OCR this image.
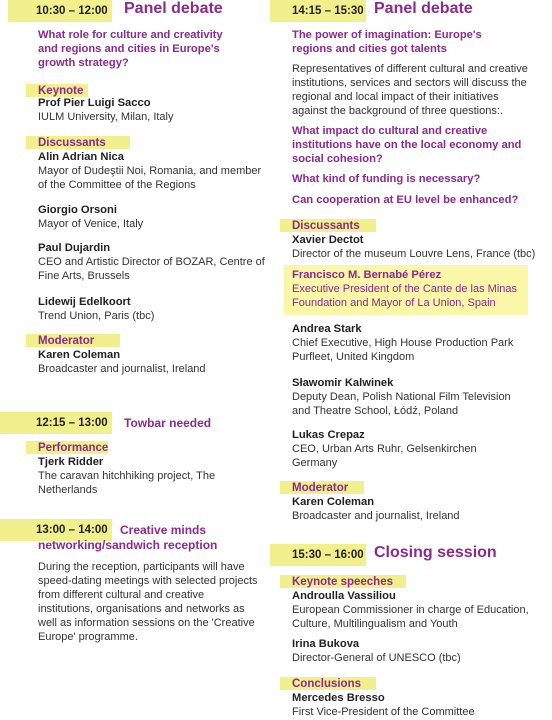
10:30 – 12:00 Panel debate
What role for culture and creativity and regions and cities in Europe's growth strategy?
Keynote
Prof Pier Luigi Sacco
IULM University, Milan, Italy
Discussants
Alin Adrian Nica
Mayor of Dudeştii Noi, Romania, and member of the Committee of the Regions
Giorgio Orsoni
Mayor of Venice, Italy
Paul Dujardin
CEO and Artistic Director of BOZAR, Centre of Fine Arts, Brussels
Lidewij Edelkoort
Trend Union, Paris (tbc)
Moderator
Karen Coleman
Broadcaster and journalist, Ireland
12:15 – 13:00 Towbar needed
Performance
Tjerk Ridder
The caravan hitchhiking project, The Netherlands
13:00 – 14:00 Creative minds
networking/sandwich reception
During the reception, participants will have speed-dating meetings with selected projects from different cultural and creative institutions, organisations and networks as well as information sessions on the 'Creative Europe' programme.
14:15 – 15:30 Panel debate
The power of imagination: Europe's regions and cities got talents
Representatives of different cultural and creative institutions, services and sectors will discuss the regional and local impact of their initiatives against the background of three questions:.
What impact do cultural and creative institutions have on the local economy and social cohesion?
What kind of funding is necessary?
Can cooperation at EU level be enhanced?
Discussants
Xavier Dectot
Director of the museum Louvre Lens, France (tbc)
Francisco M. Bernabé Pérez
Executive President of the Cante de las Minas Foundation and Mayor of La Union, Spain
Andrea Stark
Chief Executive, High House Production Park Purfleet, United Kingdom
Sławomir Kalwinek
Deputy Dean, Polish National Film Television and Theatre School, Łódź, Poland
Lukas Crepaz
CEO, Urban Arts Ruhr, Gelsenkirchen Germany
Moderator
Karen Coleman
Broadcaster and journalist, Ireland
15:30 – 16:00 Closing session
Keynote speeches
Androulla Vassiliou
European Commissioner in charge of Education, Culture, Multilingualism and Youth
Irina Bukova
Director-General of UNESCO (tbc)
Conclusions
Mercedes Bresso
First Vice-President of the Committee
